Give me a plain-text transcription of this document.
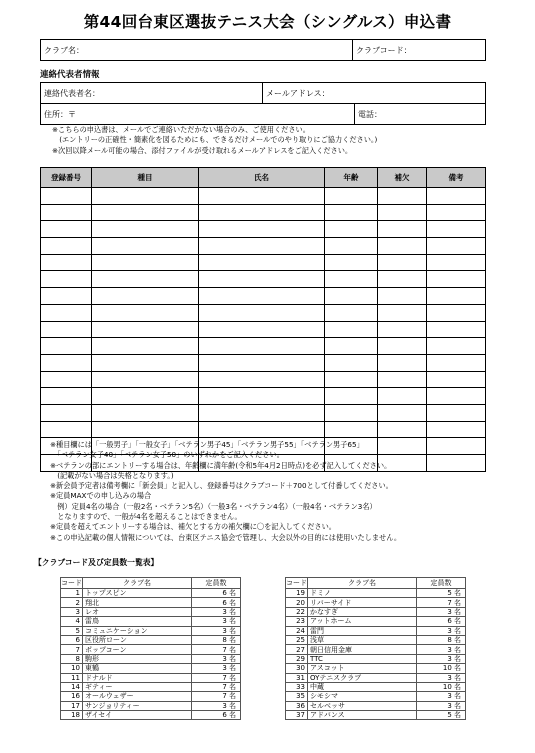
第44回台東区選抜テニス大会（シングルス）申込書
クラブ名：	クラブコード：
連絡代表者情報
連絡代表者名：	メールアドレス：	
住所：〒		電話：
※こちらの申込書は、メールでご連絡いただかない場合のみ、ご使用ください。
　(エントリーの正確性・簡素化を図るためにも、できるだけメールでのやり取りにご協力ください。)
※次回以降メール可能の場合、添付ファイルが受け取れるメールアドレスをご記入ください。
登録番号	種目	氏名	年齢	補欠	備考

※種目欄には「一般男子」「一般女子」「ベテラン男子45」「ベテラン男子55」「ベテラン男子65」
　「ベテラン女子40」「ベテラン女子50」のいずれかをご記入ください。
※ベテランの部にエントリーする場合は、年齢欄に満年齢(令和5年4月2日時点)を必ず記入してください。
　(記載がない場合は失格となります。)
※新会員予定者は備考欄に「新会員」と記入し、登録番号はクラブコード＋700として付番してください。
※定員MAXでの申し込みの場合
　例）定員4名の場合（一般2名・ベテラン5名）（一般3名・ベテラン4名）（一般4名・ベテラン3名）
　となりますので、一般が4名を超えることはできません。
※定員を超えてエントリーする場合は、補欠とする方の補欠欄に〇を記入してください。
※この申込記載の個人情報については、台東区テニス協会で管理し、大会以外の目的には使用いたしません。
【クラブコード及び定員数一覧表】
コード	クラブ名	定員数
1	トップスピン	6 名
2	翔北	6 名
3	レオ	3 名
4	雷鳥	3 名
5	コミュニケーション	3 名
6	区役所ローン	8 名
7	ポップコーン	7 名
8	駒形	3 名
10	東鶴	3 名
11	ドナルド	7 名
14	ギティー	7 名
16	オールウェザー	7 名
17	サンジョリティー	3 名
18	ザイセイ	6 名
コード	クラブ名	定員数
19	ドミノ	5 名
20	リバーサイド	7 名
22	かなすぎ	3 名
23	アットホーム	6 名
24	雷門	3 名
25	浅草	8 名
27	朝日信用金庫	3 名
29	TTC	3 名
30	アスコット	10 名
31	OYテニスクラブ	3 名
33	中蔵	10 名
35	シモシマ	3 名
36	セルベッサ	3 名
37	アドバンス	5 名
